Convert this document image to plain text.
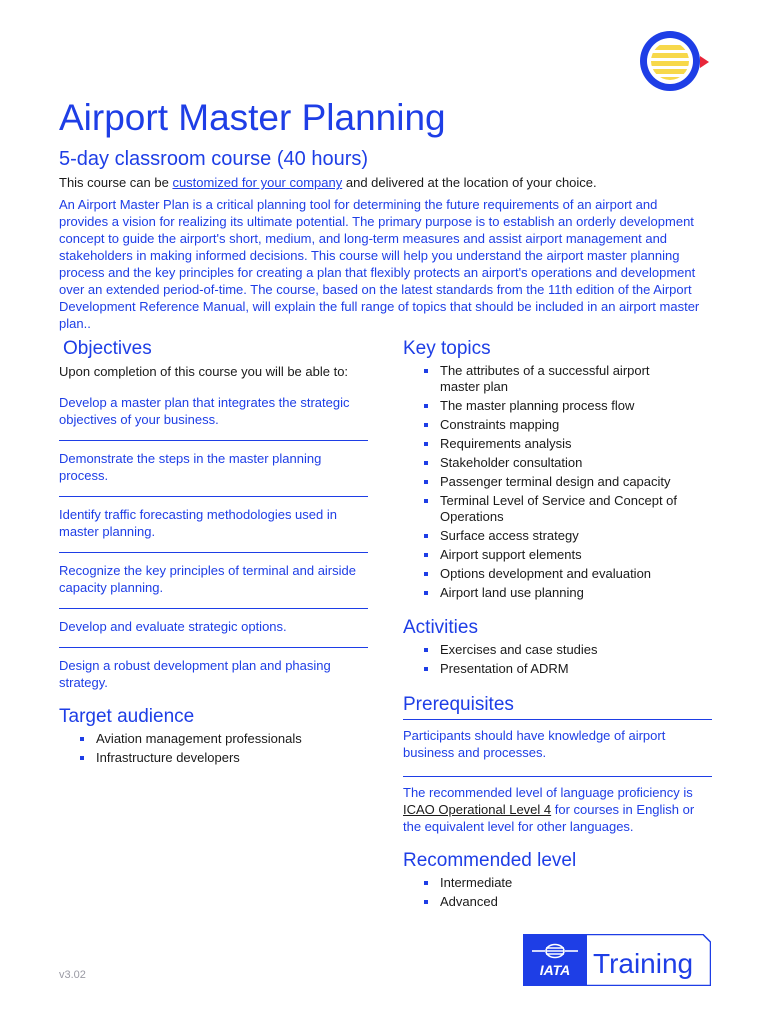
Airport Master Planning
5-day classroom course (40 hours)
This course can be customized for your company and delivered at the location of your choice.
An Airport Master Plan is a critical planning tool for determining the future requirements of an airport and provides a vision for realizing its ultimate potential. The primary purpose is to establish an orderly development concept to guide the airport's short, medium, and long-term measures and assist airport management and stakeholders in making informed decisions. This course will help you understand the airport master planning process and the key principles for creating a plan that flexibly protects an airport's operations and development over an extended period-of-time. The course, based on the latest standards from the 11th edition of the Airport Development Reference Manual, will explain the full range of topics that should be included in an airport master plan..
Objectives
Upon completion of this course you will be able to:
Develop a master plan that integrates the strategic objectives of your business.
Demonstrate the steps in the master planning process.
Identify traffic forecasting methodologies used in master planning.
Recognize the key principles of terminal and airside capacity planning.
Develop and evaluate strategic options.
Design a robust development plan and phasing strategy.
Target audience
Aviation management professionals
Infrastructure developers
Key topics
The attributes of a successful airport master plan
The master planning process flow
Constraints mapping
Requirements analysis
Stakeholder consultation
Passenger terminal design and capacity
Terminal Level of Service and Concept of Operations
Surface access strategy
Airport support elements
Options development and evaluation
Airport land use planning
Activities
Exercises and case studies
Presentation of ADRM
Prerequisites
Participants should have knowledge of airport business and processes.
The recommended level of language proficiency is ICAO Operational Level 4 for courses in English or the equivalent level for other languages.
Recommended level
Intermediate
Advanced
v3.02	IATA Training
